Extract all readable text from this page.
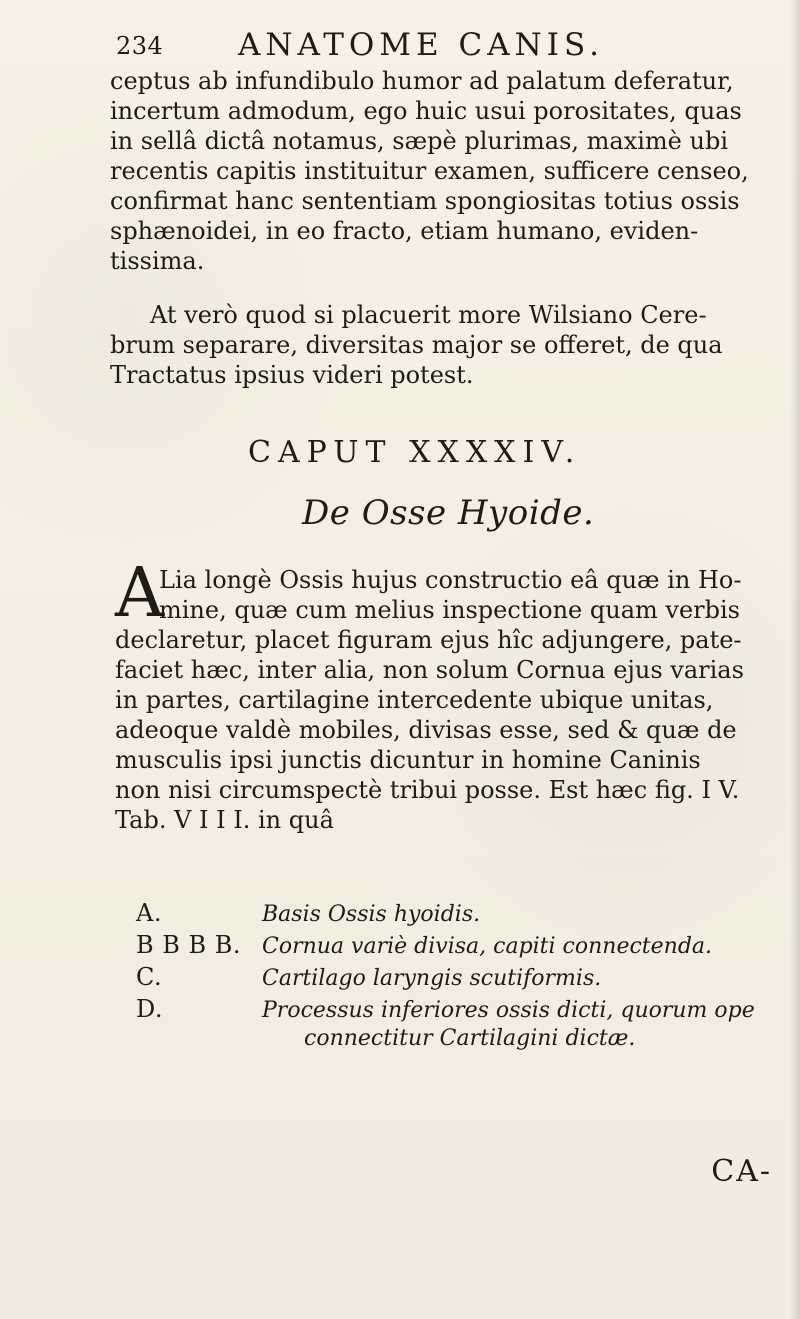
234 ANATOME CANIS.
ceptus ab infundibulo humor ad palatum deferatur,
incertum admodum, ego huic usui porositates, quas
in sellâ dictâ notamus, sæpè plurimas, maximè ubi
recentis capitis instituitur examen, sufficere censeo,
confirmat hanc sententiam spongiositas totius ossis
sphænoidei, in eo fracto, etiam humano, eviden-
tissima.
At verò quod si placuerit more Wilsiano Cere-
brum separare, diversitas major se offeret, de qua
Tractatus ipsius videri potest.
CAPUT XXXXIV.
De Osse Hyoide.
A
Lia longè Ossis hujus constructio eâ quæ in Ho-
mine, quæ cum melius inspectione quam verbis
declaretur, placet figuram ejus hîc adjungere, pate-
faciet hæc, inter alia, non solum Cornua ejus varias
in partes, cartilagine intercedente ubique unitas,
adeoque valdè mobiles, divisas esse, sed & quæ de
musculis ipsi junctis dicuntur in homine Caninis
non nisi circumspectè tribui posse. Est hæc fig. I V.
Tab. V I I I. in quâ
A.	Basis Ossis hyoidis.
B B B B. Cornua variè divisa, capiti connectenda.
C.	Cartilago laryngis scutiformis.
D.	Processus inferiores ossis dicti, quorum ope
connectitur Cartilagini dictæ.
CA-
